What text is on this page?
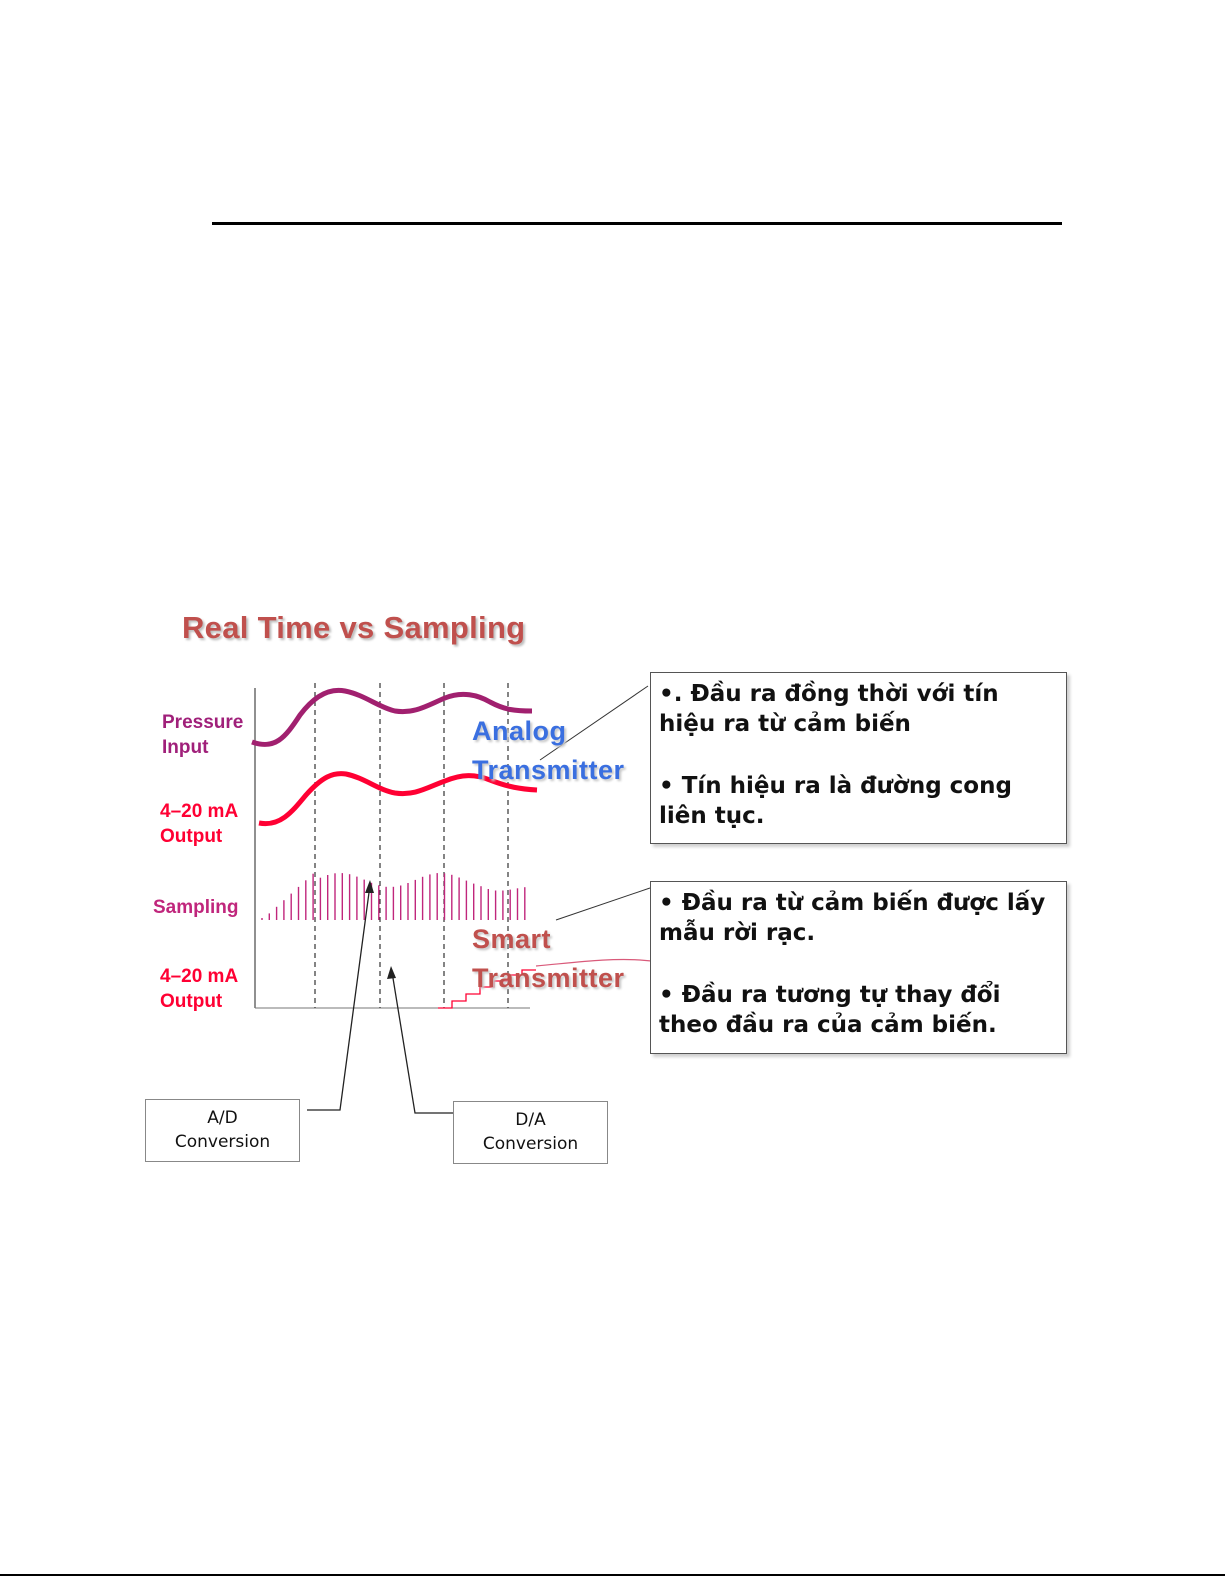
Real Time vs Sampling
Pressure
Input
4–20 mA
Output
Sampling
4–20 mA
Output
Analog
Transmitter
Smart
Transmitter

•. Đầu ra đồng thời với tín

hiệu ra từ cảm biến

• Tín hiệu ra là đường cong

liên tục.

• Đầu ra từ cảm biến được lấy

mẫu rời rạc.

• Đầu ra tương tự thay đổi

theo đầu ra của cảm biến.

A/D
Conversion
D/A
Conversion
